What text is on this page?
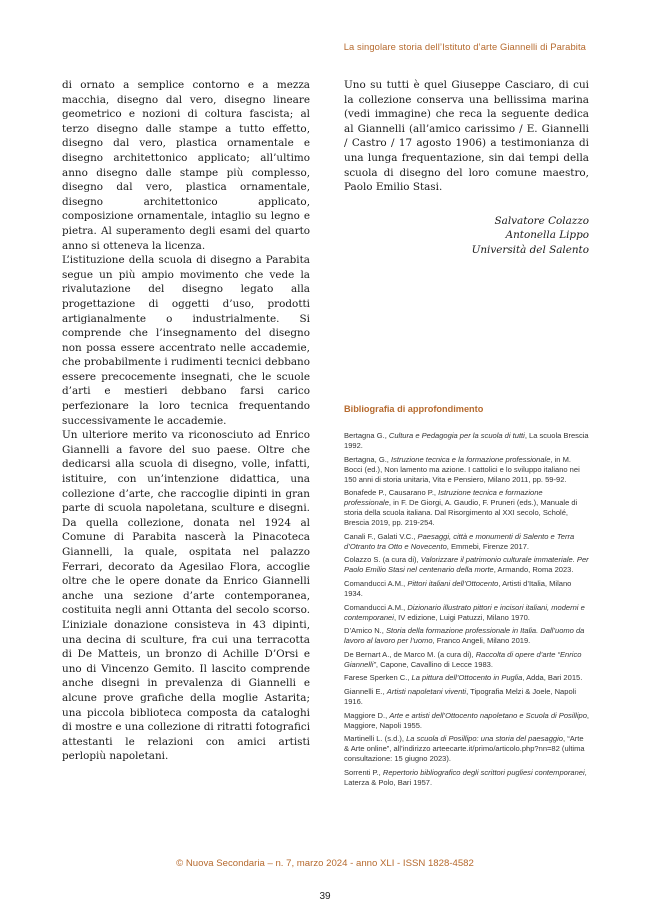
La singolare storia dell’Istituto d’arte Giannelli di Parabita

di ornato a semplice contorno e a mezza macchia, disegno dal vero, disegno lineare geometrico e nozioni di coltura fascista; al terzo disegno dalle stampe a tutto effetto, disegno dal vero, plastica ornamentale e disegno architettonico applicato; all’ultimo anno disegno dalle stampe più complesso, disegno dal vero, plastica ornamentale, disegno architettonico applicato, composizione ornamentale, intaglio su legno e pietra. Al superamento degli esami del quarto anno si otteneva la licenza.

L’istituzione della scuola di disegno a Parabita segue un più ampio movimento che vede la rivalutazione del disegno legato alla progettazione di oggetti d’uso, prodotti artigianalmente o industrialmente. Si comprende che l’insegnamento del disegno non possa essere accentrato nelle accademie, che probabilmente i rudimenti tecnici debbano essere precocemente insegnati, che le scuole d’arti e mestieri debbano farsi carico perfezionare la loro tecnica frequentando successivamente le accademie.

Un ulteriore merito va riconosciuto ad Enrico Giannelli a favore del suo paese. Oltre che dedicarsi alla scuola di disegno, volle, infatti, istituire, con un’intenzione didattica, una collezione d’arte, che raccoglie dipinti in gran parte di scuola napoletana, sculture e disegni. Da quella collezione, donata nel 1924 al Comune di Parabita nascerà la Pinacoteca Giannelli, la quale, ospitata nel palazzo Ferrari, decorato da Agesilao Flora, accoglie oltre che le opere donate da Enrico Giannelli anche una sezione d’arte contemporanea, costituita negli anni Ottanta del secolo scorso. L’iniziale donazione consisteva in 43 dipinti, una decina di sculture, fra cui una terracotta di De Matteis, un bronzo di Achille D’Orsi e uno di Vincenzo Gemito. Il lascito comprende anche disegni in prevalenza di Giannelli e alcune prove grafiche della moglie Astarita; una piccola biblioteca composta da cataloghi di mostre e una collezione di ritratti fotografici attestanti le relazioni con amici artisti perlopiù napoletani.

Uno su tutti è quel Giuseppe Casciaro, di cui la collezione conserva una bellissima marina (vedi immagine) che reca la seguente dedica al Giannelli (all’amico carissimo / E. Giannelli / Castro / 17 agosto 1906) a testimonianza di una lunga frequentazione, sin dai tempi della scuola di disegno del loro comune maestro, Paolo Emilio Stasi.

Salvatore Colazzo
Antonella Lippo
Università del Salento
Bibliografia di approfondimento

Bertagna G., Cultura e Pedagogia per la scuola di tutti, La scuola Brescia 1992.

Bertagna, G., Istruzione tecnica e la formazione professionale, in M. Bocci (ed.), Non lamento ma azione. I cattolici e lo sviluppo italiano nei 150 anni di storia unitaria, Vita e Pensiero, Milano 2011, pp. 59-92.

Bonafede P., Causarano P., Istruzione tecnica e formazione professionale, in F. De Giorgi, A. Gaudio, F. Pruneri (eds.), Manuale di storia della scuola italiana. Dal Risorgimento al XXI secolo, Scholé, Brescia 2019, pp. 219-254.

Canali F., Galati V.C., Paesaggi, città e monumenti di Salento e Terra d’Otranto tra Otto e Novecento, Emmebi, Firenze 2017.

Colazzo S. (a cura di), Valorizzare il patrimonio culturale immateriale. Per Paolo Emilio Stasi nel centenario della morte, Armando, Roma 2023.

Comanducci A.M., Pittori italiani dell’Ottocento, Artisti d’Italia, Milano 1934.

Comanducci A.M., Dizionario illustrato pittori e incisori italiani, moderni e contemporanei, IV edizione, Luigi Patuzzi, Milano 1970.

D’Amico N., Storia della formazione professionale in Italia. Dall’uomo da lavoro al lavoro per l’uomo, Franco Angeli, Milano 2019.

De Bernart A., de Marco M. (a cura di), Raccolta di opere d’arte “Enrico Giannelli”, Capone, Cavallino di Lecce 1983.

Farese Sperken C., La pittura dell’Ottocento in Puglia, Adda, Bari 2015.

Giannelli E., Artisti napoletani viventi, Tipografia Melzi & Joele, Napoli 1916.

Maggiore D., Arte e artisti dell’Ottocento napoletano e Scuola di Posillipo, Maggiore, Napoli 1955.

Martinelli L. (s.d.), La scuola di Posillipo: una storia del paesaggio, “Arte & Arte online”, all’indirizzo arteecarte.it/primo/articolo.php?nn=82 (ultima consultazione: 15 giugno 2023).

Sorrenti P., Repertorio bibliografico degli scrittori pugliesi contemporanei, Laterza & Polo, Bari 1957.

© Nuova Secondaria – n. 7, marzo 2024 - anno XLI - ISSN 1828-4582
39
